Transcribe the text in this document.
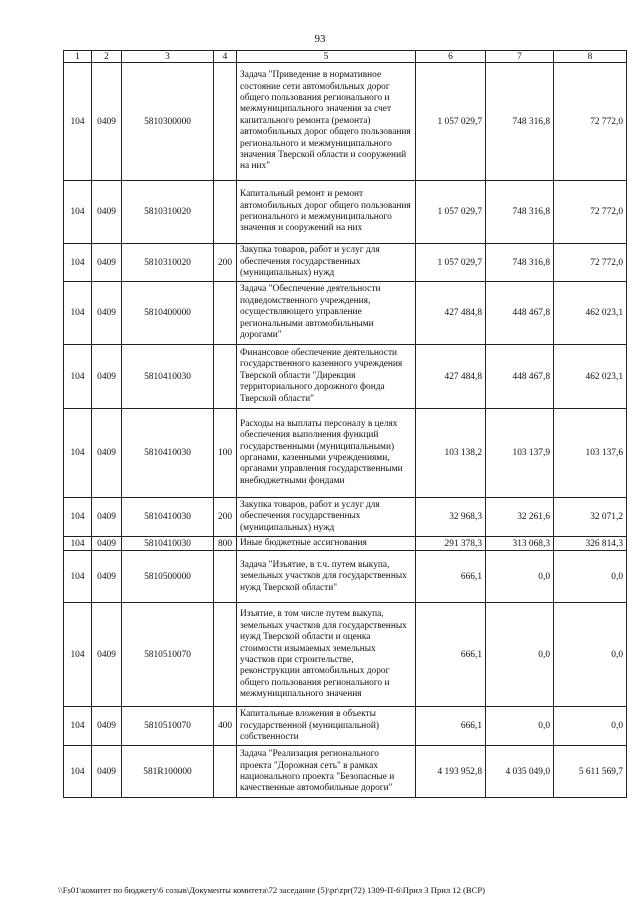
93
1	2	3	4	5	6	7	8
104	0409	5810300000		Задача "Приведение в нормативное состояние сети автомобильных дорог общего пользования регионального и межмуниципального значения за счет капитального ремонта (ремонта) автомобильных дорог общего пользования регионального и межмуниципального значения Тверской области и сооружений на них"	1 057 029,7	748 316,8	72 772,0
104	0409	5810310020		Капитальный ремонт и ремонт автомобильных дорог общего пользования регионального и межмуниципального значения и сооружений на них	1 057 029,7	748 316,8	72 772,0
104	0409	5810310020	200	Закупка товаров, работ и услуг для обеспечения государственных (муниципальных) нужд	1 057 029,7	748 316,8	72 772,0
104	0409	5810400000		Задача "Обеспечение деятельности подведомственного учреждения, осуществляющего управление региональными автомобильными дорогами"	427 484,8	448 467,8	462 023,1
104	0409	5810410030		Финансовое обеспечение деятельности государственного казенного учреждения Тверской области "Дирекция территориального дорожного фонда Тверской области"	427 484,8	448 467,8	462 023,1
104	0409	5810410030	100	Расходы на выплаты персоналу в целях обеспечения выполнения функций государственными (муниципальными) органами, казенными учреждениями, органами управления государственными внебюджетными фондами	103 138,2	103 137,9	103 137,6
104	0409	5810410030	200	Закупка товаров, работ и услуг для обеспечения государственных (муниципальных) нужд	32 968,3	32 261,6	32 071,2
104	0409	5810410030	800	Иные бюджетные ассигнования	291 378,3	313 068,3	326 814,3
104	0409	5810500000		Задача "Изъятие, в т.ч. путем выкупа, земельных участков для государственных нужд Тверской области"	666,1	0,0	0,0
104	0409	5810510070		Изъятие, в том числе путем выкупа, земельных участков для государственных нужд Тверской области и оценка стоимости изымаемых земельных участков при строительстве, реконструкции автомобильных дорог общего пользования регионального и межмуниципального значения	666,1	0,0	0,0
104	0409	5810510070	400	Капитальные вложения в объекты государственной (муниципальной) собственности	666,1	0,0	0,0
104	0409	581R100000		Задача "Реализация регионального проекта "Дорожная сеть" в рамках национального проекта "Безопасные и качественные автомобильные дороги"	4 193 952,8	4 035 049,0	5 611 569,7
\\Fs01\комитет по бюджету\6 созыв\Документы комитета\72 заседание (5)\pr\zpr(72) 1309-П-6\Прил 3 Прил 12 (ВСР)
